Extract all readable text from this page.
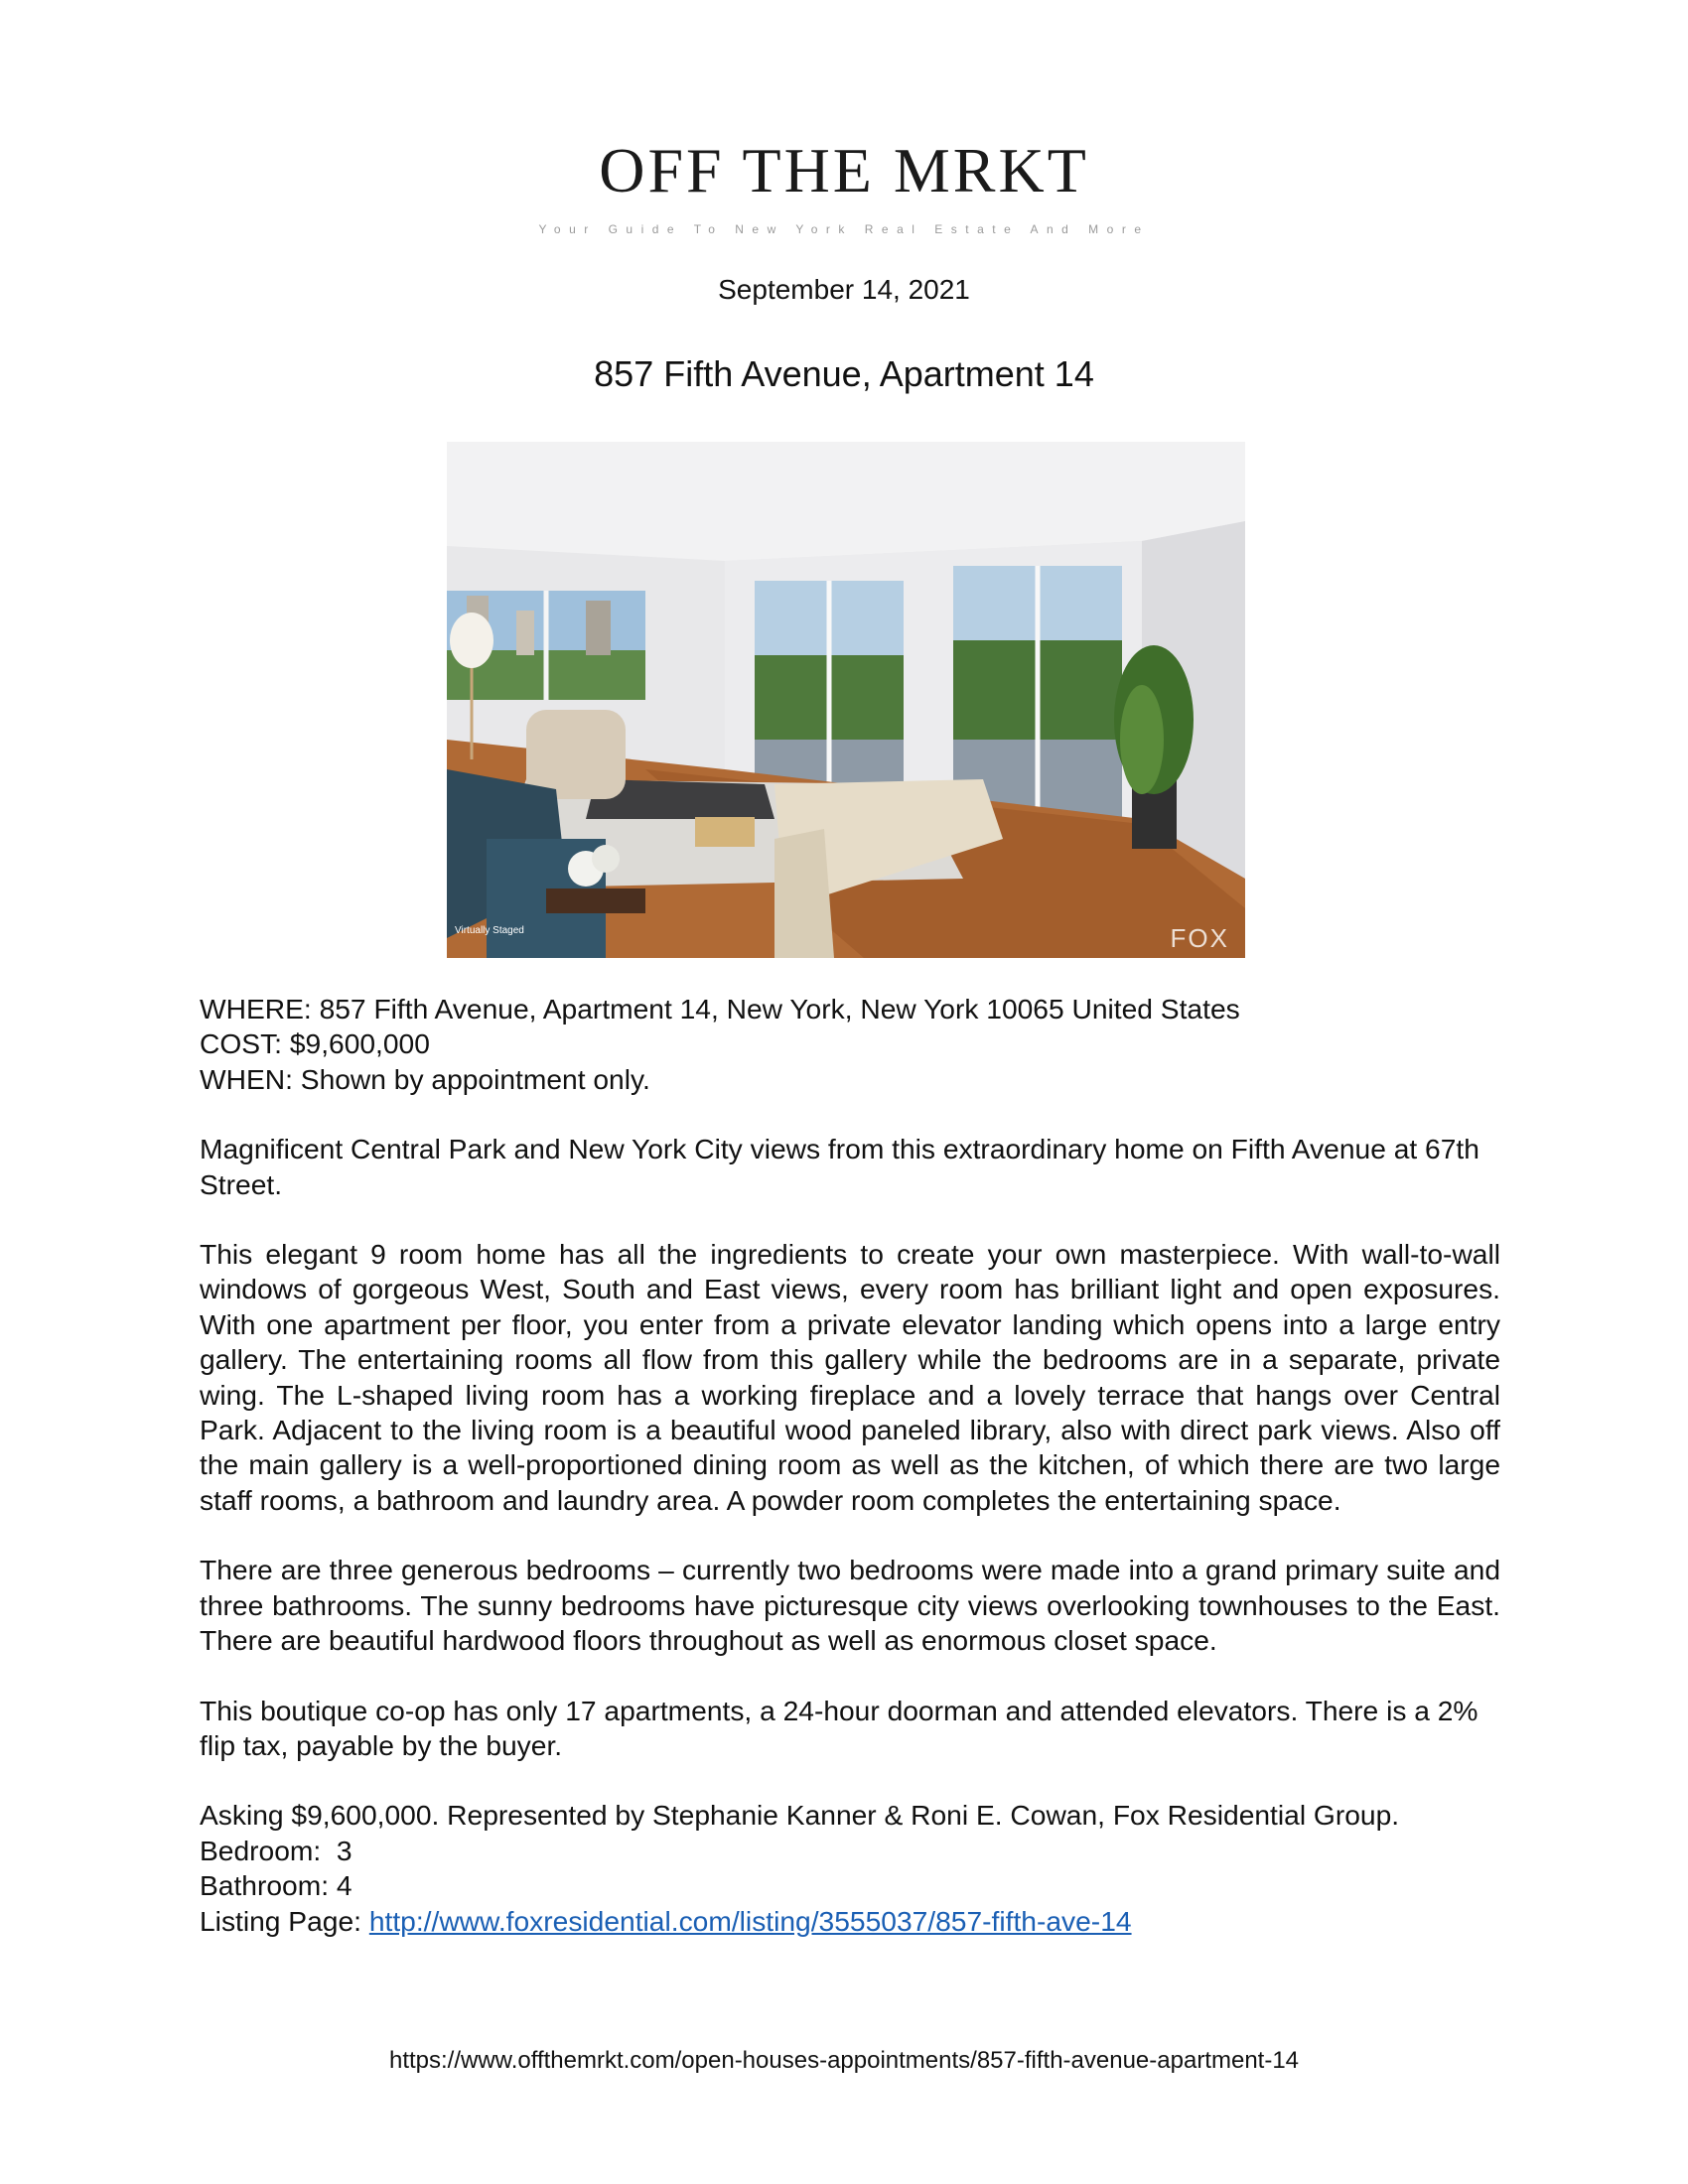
OFF THE MRKT
Your Guide To New York Real Estate And More
September 14, 2021
857 Fifth Avenue, Apartment 14
Virtually Staged	FOX

WHERE: 857 Fifth Avenue, Apartment 14, New York, New York 10065 United States

COST: $9,600,000

WHEN: Shown by appointment only.

Magnificent Central Park and New York City views from this extraordinary home on Fifth Avenue at 67th Street.

This elegant 9 room home has all the ingredients to create your own masterpiece. With wall-to-wall windows of gorgeous West, South and East views, every room has brilliant light and open exposures. With one apartment per floor, you enter from a private elevator landing which opens into a large entry gallery. The entertaining rooms all flow from this gallery while the bedrooms are in a separate, private wing. The L-shaped living room has a working fireplace and a lovely terrace that hangs over Central Park. Adjacent to the living room is a beautiful wood paneled library, also with direct park views. Also off the main gallery is a well-proportioned dining room as well as the kitchen, of which there are two large staff rooms, a bathroom and laundry area. A powder room completes the entertaining space.

There are three generous bedrooms – currently two bedrooms were made into a grand primary suite and three bathrooms. The sunny bedrooms have picturesque city views overlooking townhouses to the East. There are beautiful hardwood floors throughout as well as enormous closet space.

This boutique co-op has only 17 apartments, a 24-hour doorman and attended elevators. There is a 2% flip tax, payable by the buyer.

Asking $9,600,000. Represented by Stephanie Kanner & Roni E. Cowan, Fox Residential Group.

Bedroom:  3

Bathroom: 4

Listing Page: http://www.foxresidential.com/listing/3555037/857-fifth-ave-14

https://www.offthemrkt.com/open-houses-appointments/857-fifth-avenue-apartment-14
